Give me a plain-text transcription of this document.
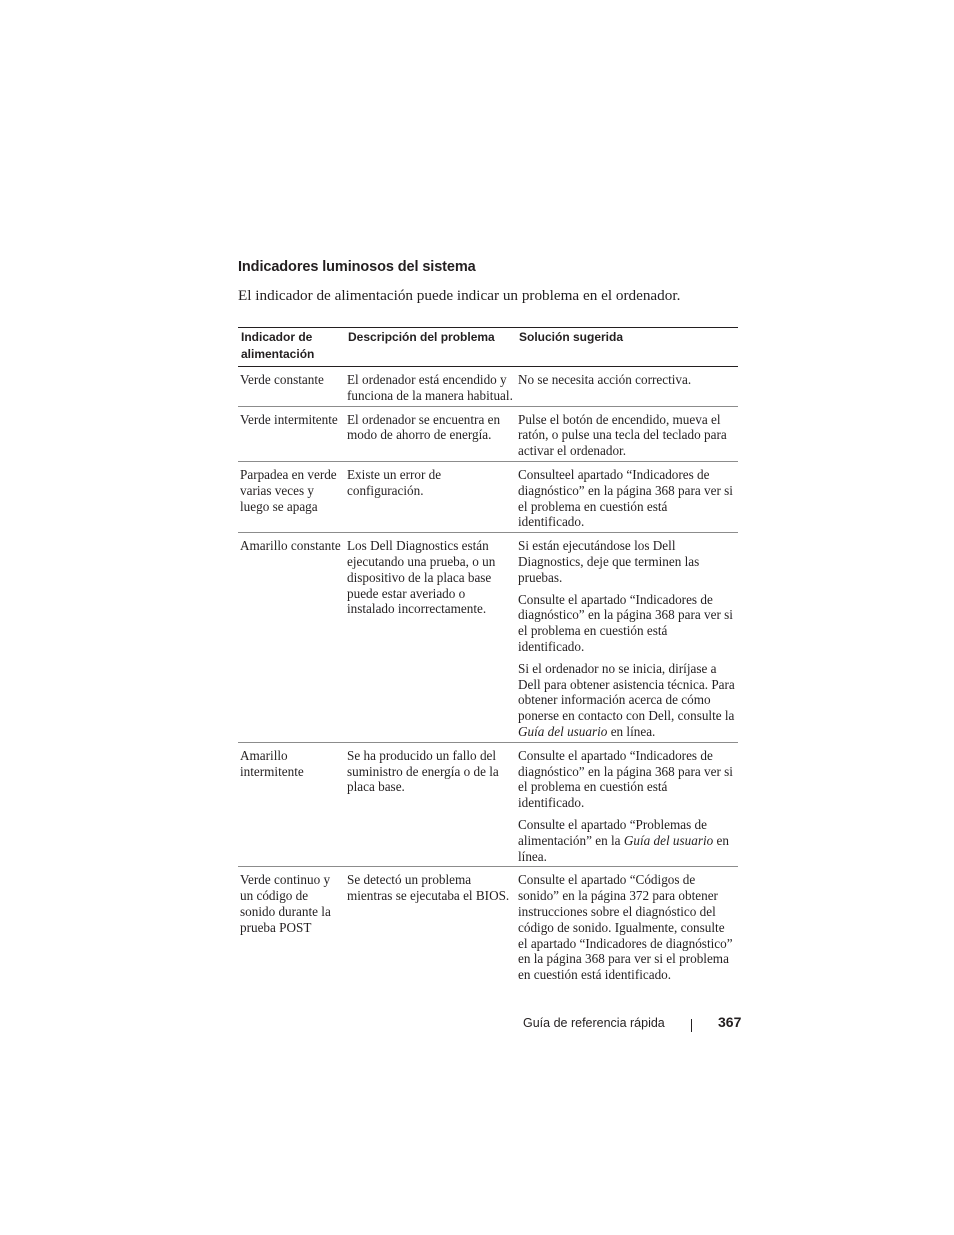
Indicadores luminosos del sistema
El indicador de alimentación puede indicar un problema en el ordenador.
Indicador de alimentación	Descripción del problema	Solución sugerida
Verde constante	El ordenador está encendido y funciona de la manera habitual.	No se necesita acción correctiva.

Verde intermitente	El ordenador se encuentra en modo de ahorro de energía.	Pulse el botón de encendido, mueva el ratón, o pulse una tecla del teclado para activar el ordenador.

Parpadea en verde varias veces y luego se apaga	Existe un error de configuración.	Consulteel apartado “Indicadores de diagnóstico” en la página 368 para ver si el problema en cuestión está identificado.

Amarillo constante	Los Dell Diagnostics están ejecutando una prueba, o un dispositivo de la placa base puede estar averiado o instalado incorrectamente.	Si están ejecutándose los Dell Diagnostics, deje que terminen las pruebas.

Consulte el apartado “Indicadores de diagnóstico” en la página 368 para ver si el problema en cuestión está identificado.

Si el ordenador no se inicia, diríjase a Dell para obtener asistencia técnica. Para obtener información acerca de cómo ponerse en contacto con Dell, consulte la Guía del usuario en línea.

Amarillo intermitente	Se ha producido un fallo del suministro de energía o de la placa base.	Consulte el apartado “Indicadores de diagnóstico” en la página 368 para ver si el problema en cuestión está identificado.

Consulte el apartado “Problemas de alimentación” en la Guía del usuario en línea.

Verde continuo y un código de sonido durante la prueba POST	Se detectó un problema mientras se ejecutaba el BIOS.	Consulte el apartado “Códigos de sonido” en la página 372 para obtener instrucciones sobre el diagnóstico del código de sonido. Igualmente, consulte el apartado “Indicadores de diagnóstico” en la página 368 para ver si el problema en cuestión está identificado.

Guía de referencia rápida	367
